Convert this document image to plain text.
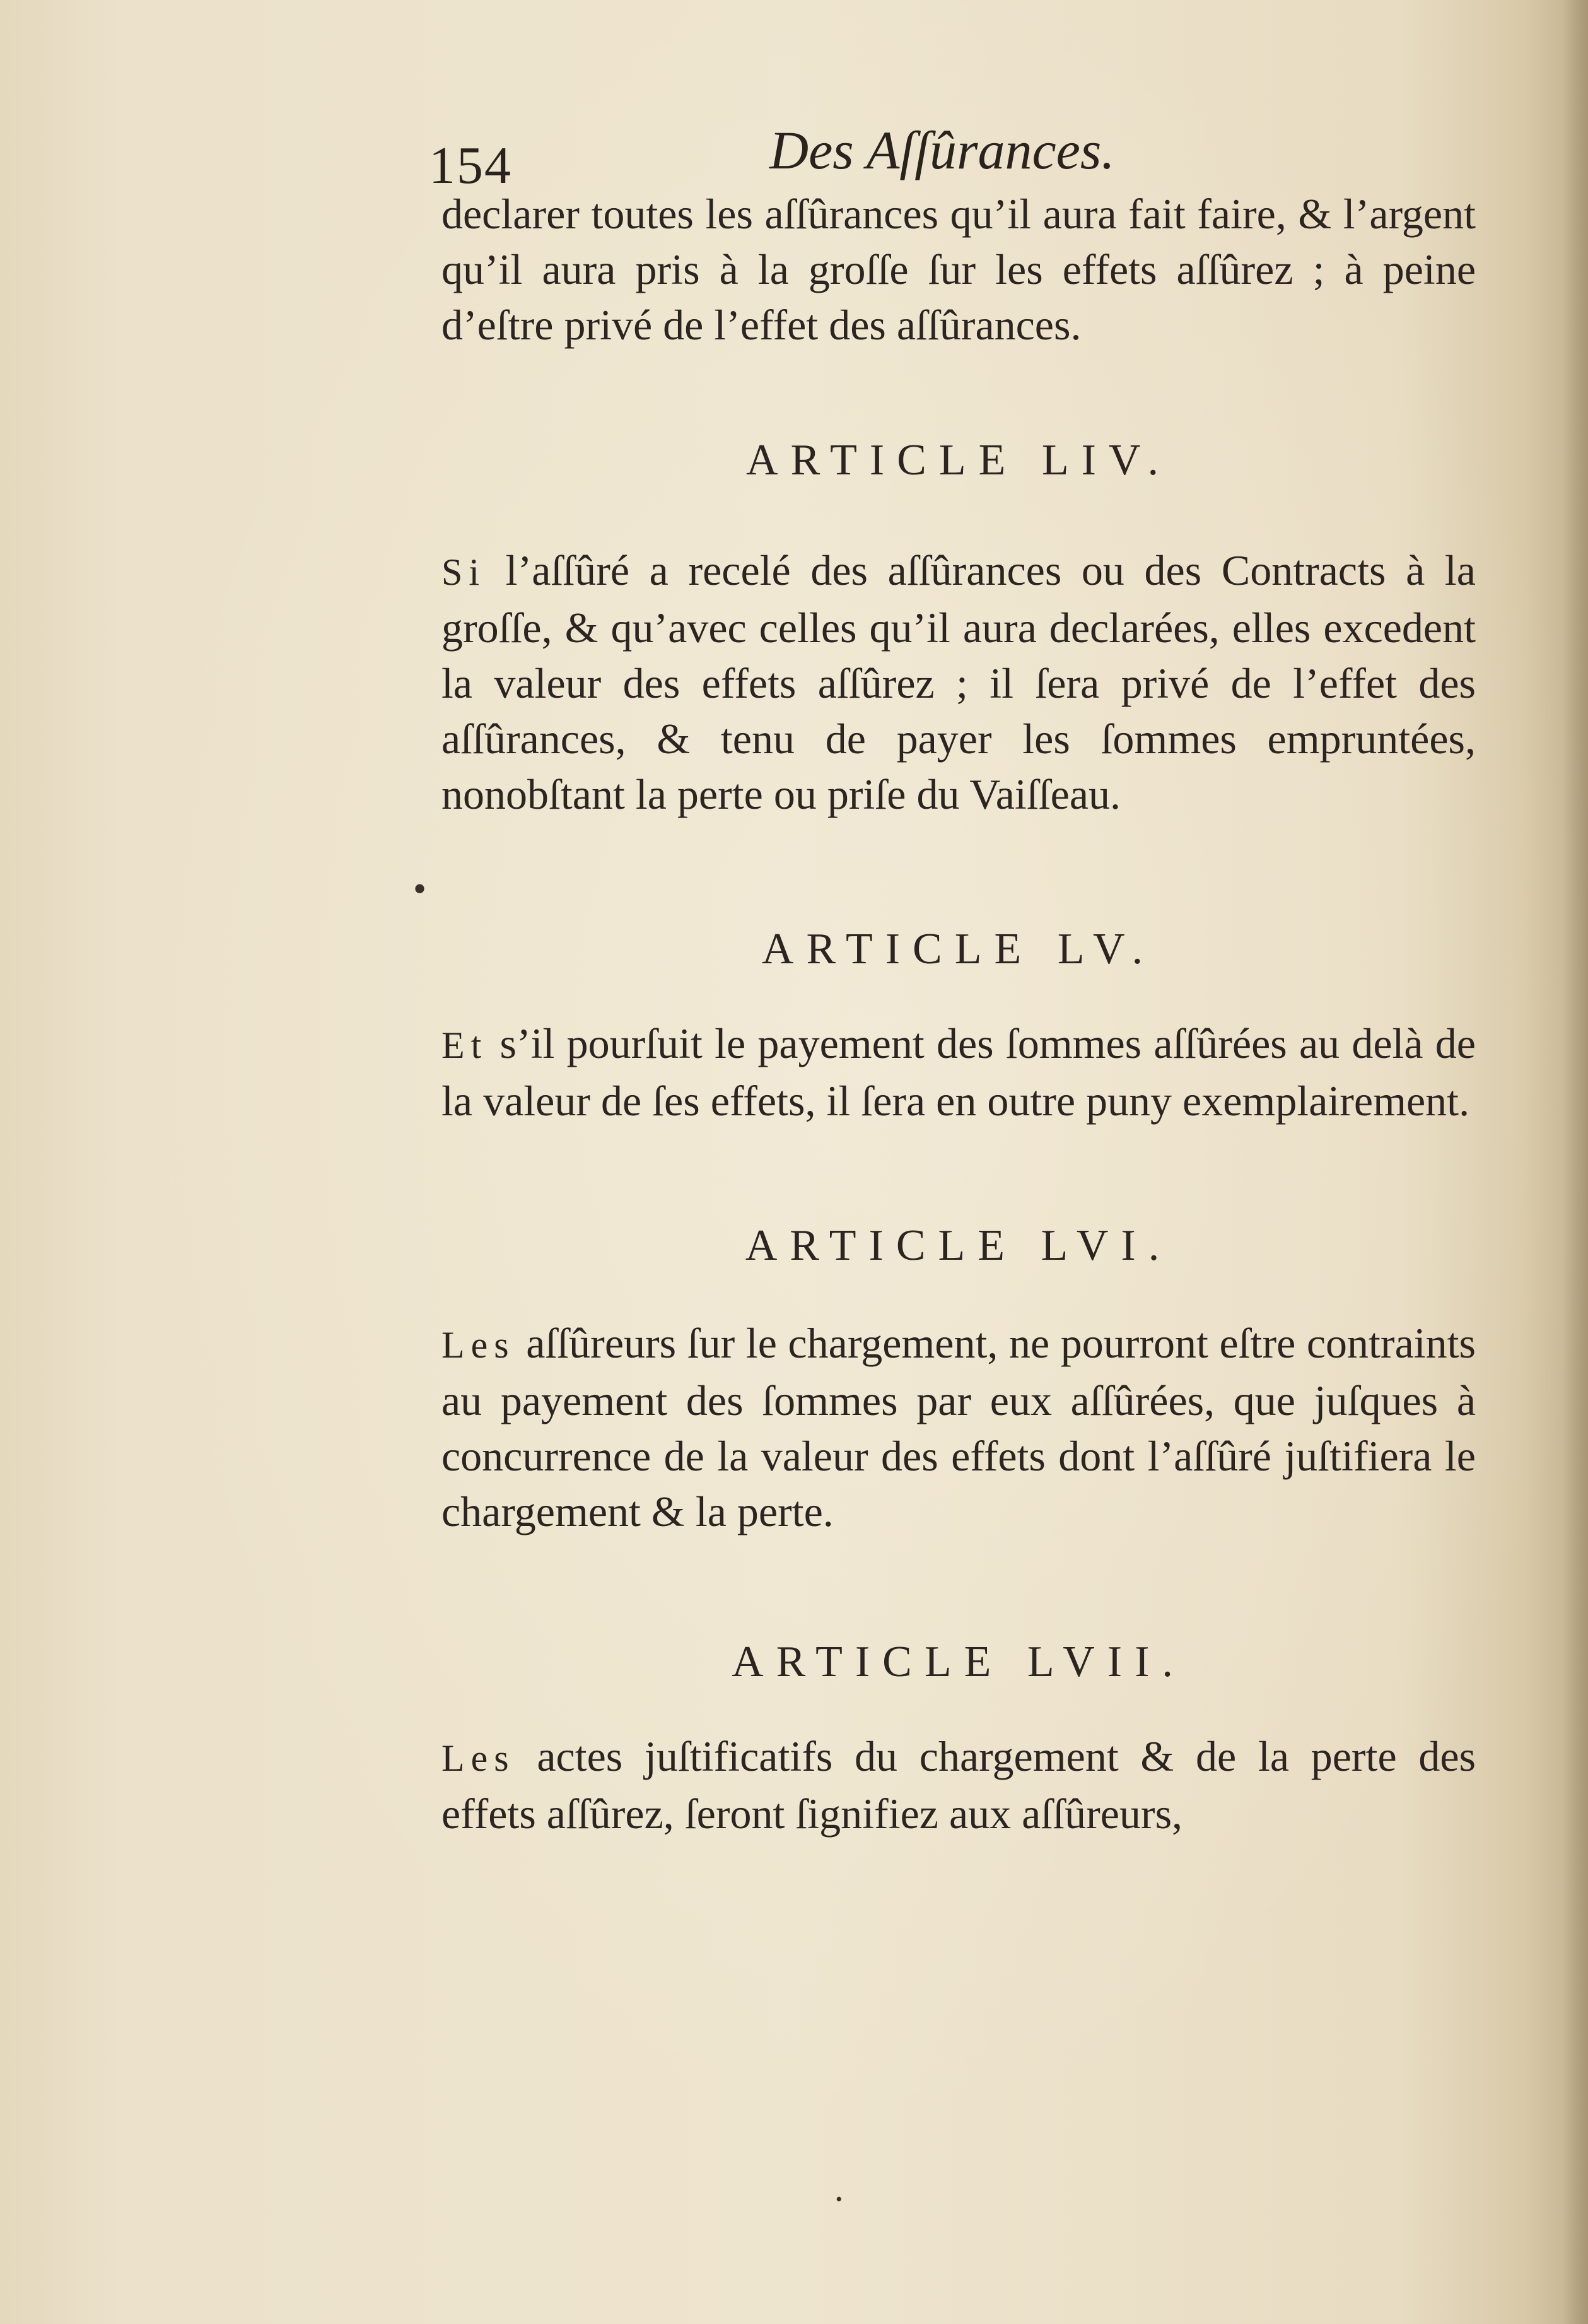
154	Des Aſſûrances.

declarer toutes les aſſûrances qu’il aura fait faire, & l’argent qu’il aura pris à la groſſe ſur les effets aſſûrez ; à peine d’eſtre privé de l’effet des aſſûrances.

ARTICLE LIV.

Si l’aſſûré a recelé des aſſûrances ou des Contracts à la groſſe, & qu’avec celles qu’il aura declarées, elles excedent la valeur des effets aſſûrez ; il ſera privé de l’effet des aſſûrances, & tenu de payer les ſommes empruntées, nonobſtant la perte ou priſe du Vaiſſeau.

ARTICLE LV.

Et s’il pourſuit le payement des ſommes aſſûrées au delà de la valeur de ſes effets, il ſera en outre puny exemplairement.

ARTICLE LVI.

Les aſſûreurs ſur le chargement, ne pourront eſtre contraints au payement des ſommes par eux aſſûrées, que juſques à concurrence de la valeur des effets dont l’aſſûré juſtifiera le chargement & la perte.

ARTICLE LVII.

Les actes juſtificatifs du chargement & de la perte des effets aſſûrez, ſeront ſignifiez aux aſſûreurs,

•
•
